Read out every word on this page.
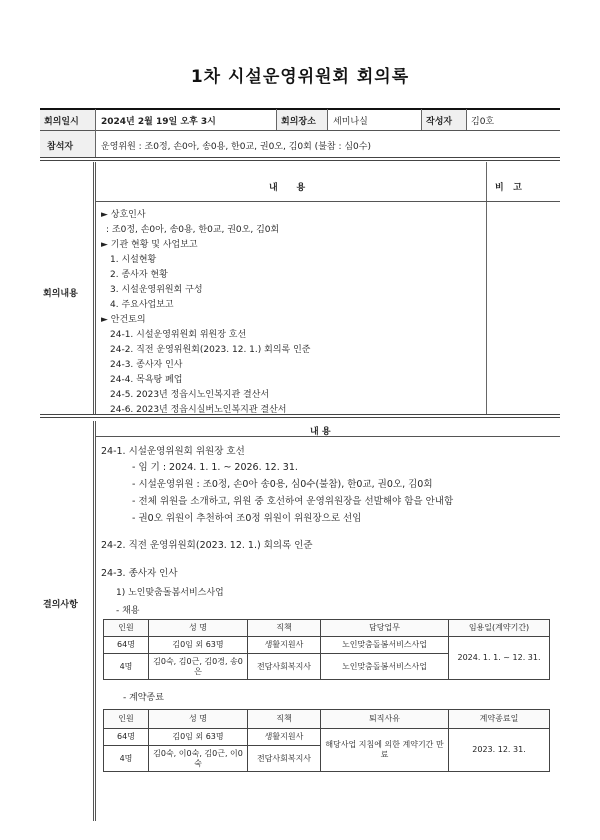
1차 시설운영위원회 회의록
회의일시 2024년 2월 19일 오후 3시	회의장소 세미나실	작성자 김0호
참석자	운영위원 : 조0정, 손0아, 송0용, 한0교, 권0오, 김0회 (불참 : 심0수)
회의내용
내      용	비   고
► 상호인사
: 조0정, 손0아, 송0용, 한0교, 권0오, 김0회
► 기관 현황 및 사업보고
1. 시설현황
2. 종사자 현황
3. 시설운영위원회 구성
4. 주요사업보고
► 안건토의
24-1. 시설운영위원회 위원장 호선
24-2. 직전 운영위원회(2023. 12. 1.) 회의록 인준
24-3. 종사자 인사
24-4. 목욕탕 폐업
24-5. 2023년 정읍시노인복지관 결산서
24-6. 2023년 정읍시실버노인복지관 결산서
내 용
결의사항
24-1. 시설운영위원회 위원장 호선
- 임 기 : 2024. 1. 1. ~ 2026. 12. 31.
- 시설운영위원 : 조0정, 손0아 송0용, 심0수(불참), 한0교, 권0오, 김0회
- 전체 위원을 소개하고, 위원 중 호선하여 운영위원장을 선발해야 함을 안내함
- 권0오 위원이 추천하여 조0정 위원이 위원장으로 선임
24-2. 직전 운영위원회(2023. 12. 1.) 회의록 인준
24-3. 종사자 인사
1) 노인맞춤돌봄서비스사업
- 채용
인원	성 명	직책	담당업무	임용일(계약기간)
64명	김0임 외 63명	생활지원사	노인맞춤돌봄서비스사업	2024. 1. 1. ~ 12. 31.
4명	김0숙, 김0근, 김0경, 송0은	전담사회복지사	노인맞춤돌봄서비스사업	
- 계약종료
인원	성 명	직책	퇴직사유	계약종료일
64명	김0임 외 63명	생활지원사	해당사업 지침에 의한 계약기간 만료	2023. 12. 31.
4명	김0숙, 이0숙, 김0근, 이0숙	전담사회복지사		
